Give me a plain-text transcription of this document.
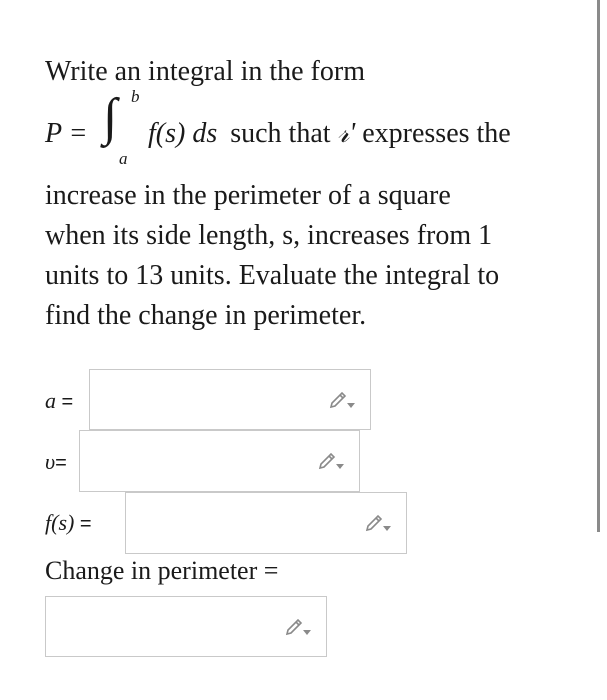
Write an integral in the form
P = ∫ b
a
f(s) ds such that 𝓇' expresses the
increase in the perimeter of a square
when its side length, s, increases from 1
units to 13 units. Evaluate the integral to
find the change in perimeter.
a =
υ=
f(s) =
Change in perimeter =
